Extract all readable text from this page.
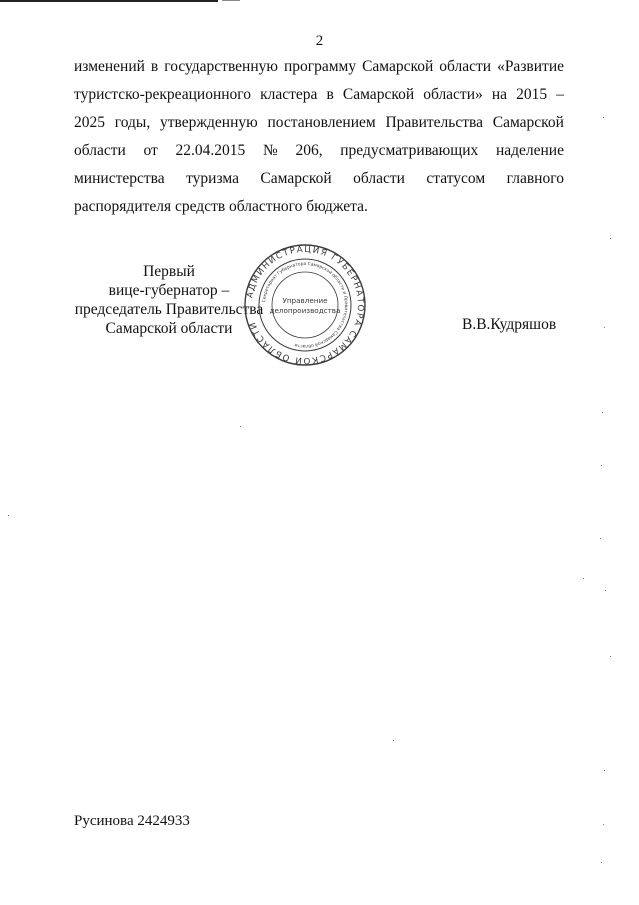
2
изменений в государственную программу Самарской области «Развитие
туристско-рекреационного кластера в Самарской области» на 2015 –
2025 годы, утвержденную постановлением Правительства Самарской
области от 22.04.2015 № 206, предусматривающих наделение
министерства туризма Самарской области статусом главного
распорядителя средств областного бюджета.
Первый
вице-губернатор –
председатель Правительства
Самарской области
АДМИНИСТРАЦИЯ ГУБЕРНАТОРА САМАРСКОЙ ОБЛАСТИ
Секретариат Губернатора Самарской области и Правительства Самарской области
Управление
делопроизводства
В.В.Кудряшов
Русинова 2424933
